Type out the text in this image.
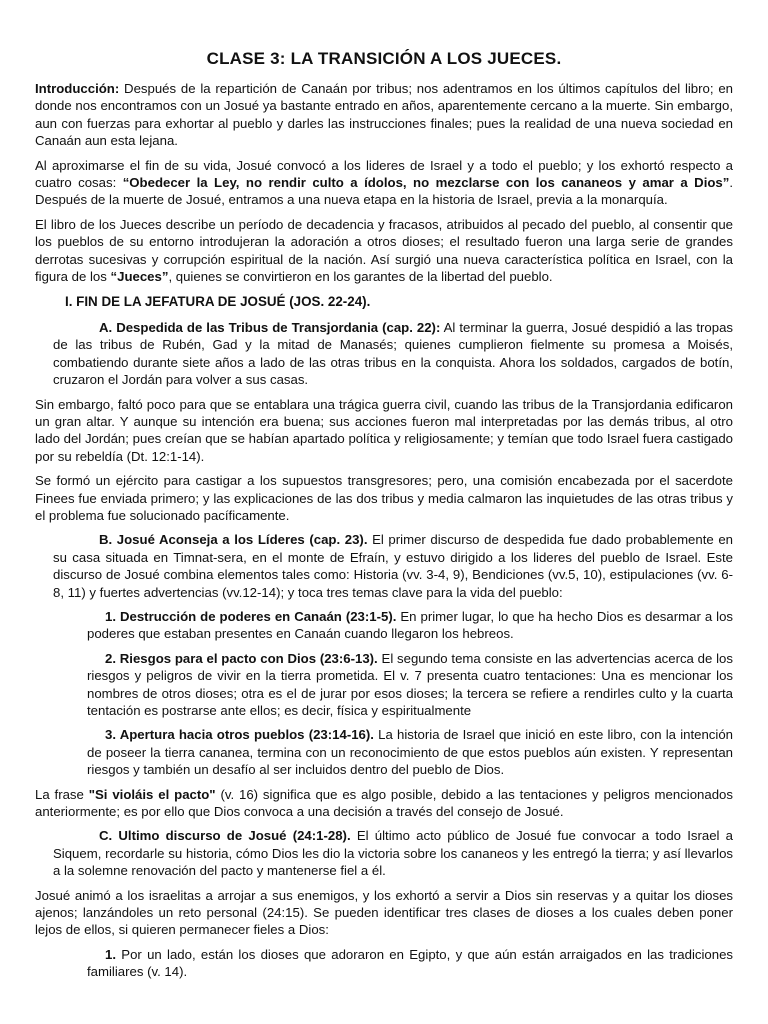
CLASE 3: LA TRANSICIÓN A LOS JUECES.

Introducción: Después de la repartición de Canaán por tribus; nos adentramos en los últimos capítulos del libro; en donde nos encontramos con un Josué ya bastante entrado en años, aparentemente cercano a la muerte. Sin embargo, aun con fuerzas para exhortar al pueblo y darles las instrucciones finales; pues la realidad de una nueva sociedad en Canaán aun esta lejana.

Al aproximarse el fin de su vida, Josué convocó a los lideres de Israel y a todo el pueblo; y los exhortó respecto a cuatro cosas: “Obedecer la Ley, no rendir culto a ídolos, no mezclarse con los cananeos y amar a Dios”. Después de la muerte de Josué, entramos a una nueva etapa en la historia de Israel, previa a la monarquía.

El libro de los Jueces describe un período de decadencia y fracasos, atribuidos al pecado del pueblo, al consentir que los pueblos de su entorno introdujeran la adoración a otros dioses; el resultado fueron una larga serie de grandes derrotas sucesivas y corrupción espiritual de la nación. Así surgió una nueva característica política en Israel, con la figura de los “Jueces”, quienes se convirtieron en los garantes de la libertad del pueblo.

I. FIN DE LA JEFATURA DE JOSUÉ (JOS. 22-24).

A. Despedida de las Tribus de Transjordania (cap. 22): Al terminar la guerra, Josué despidió a las tropas de las tribus de Rubén, Gad y la mitad de Manasés; quienes cumplieron fielmente su promesa a Moisés, combatiendo durante siete años a lado de las otras tribus en la conquista. Ahora los soldados, cargados de botín, cruzaron el Jordán para volver a sus casas.

Sin embargo, faltó poco para que se entablara una trágica guerra civil, cuando las tribus de la Transjordania edificaron un gran altar. Y aunque su intención era buena; sus acciones fueron mal interpretadas por las demás tribus, al otro lado del Jordán; pues creían que se habían apartado política y religiosamente; y temían que todo Israel fuera castigado por su rebeldía (Dt. 12:1-14).

Se formó un ejército para castigar a los supuestos transgresores; pero, una comisión encabezada por el sacerdote Finees fue enviada primero; y las explicaciones de las dos tribus y media calmaron las inquietudes de las otras tribus y el problema fue solucionado pacíficamente.

B. Josué Aconseja a los Líderes (cap. 23). El primer discurso de despedida fue dado probablemente en su casa situada en Timnat-sera, en el monte de Efraín, y estuvo dirigido a los lideres del pueblo de Israel. Este discurso de Josué combina elementos tales como: Historia (vv. 3-4, 9), Bendiciones (vv.5, 10), estipulaciones (vv. 6-8, 11) y fuertes advertencias (vv.12-14); y toca tres temas clave para la vida del pueblo:

1. Destrucción de poderes en Canaán (23:1-5). En primer lugar, lo que ha hecho Dios es desarmar a los poderes que estaban presentes en Canaán cuando llegaron los hebreos.

2. Riesgos para el pacto con Dios (23:6-13). El segundo tema consiste en las advertencias acerca de los riesgos y peligros de vivir en la tierra prometida. El v. 7 presenta cuatro tentaciones: Una es mencionar los nombres de otros dioses; otra es el de jurar por esos dioses; la tercera se refiere a rendirles culto y la cuarta tentación es postrarse ante ellos; es decir, física y espiritualmente

3. Apertura hacia otros pueblos (23:14-16). La historia de Israel que inició en este libro, con la intención de poseer la tierra cananea, termina con un reconocimiento de que estos pueblos aún existen. Y representan riesgos y también un desafío al ser incluidos dentro del pueblo de Dios.

La frase "Si violáis el pacto" (v. 16) significa que es algo posible, debido a las tentaciones y peligros mencionados anteriormente; es por ello que Dios convoca a una decisión a través del consejo de Josué.

C. Ultimo discurso de Josué (24:1-28). El último acto público de Josué fue convocar a todo Israel a Siquem, recordarle su historia, cómo Dios les dio la victoria sobre los cananeos y les entregó la tierra; y así llevarlos a la solemne renovación del pacto y mantenerse fiel a él.

Josué animó a los israelitas a arrojar a sus enemigos, y los exhortó a servir a Dios sin reservas y a quitar los dioses ajenos; lanzándoles un reto personal (24:15). Se pueden identificar tres clases de dioses a los cuales deben poner lejos de ellos, si quieren permanecer fieles a Dios:

1. Por un lado, están los dioses que adoraron en Egipto, y que aún están arraigados en las tradiciones familiares (v. 14).
